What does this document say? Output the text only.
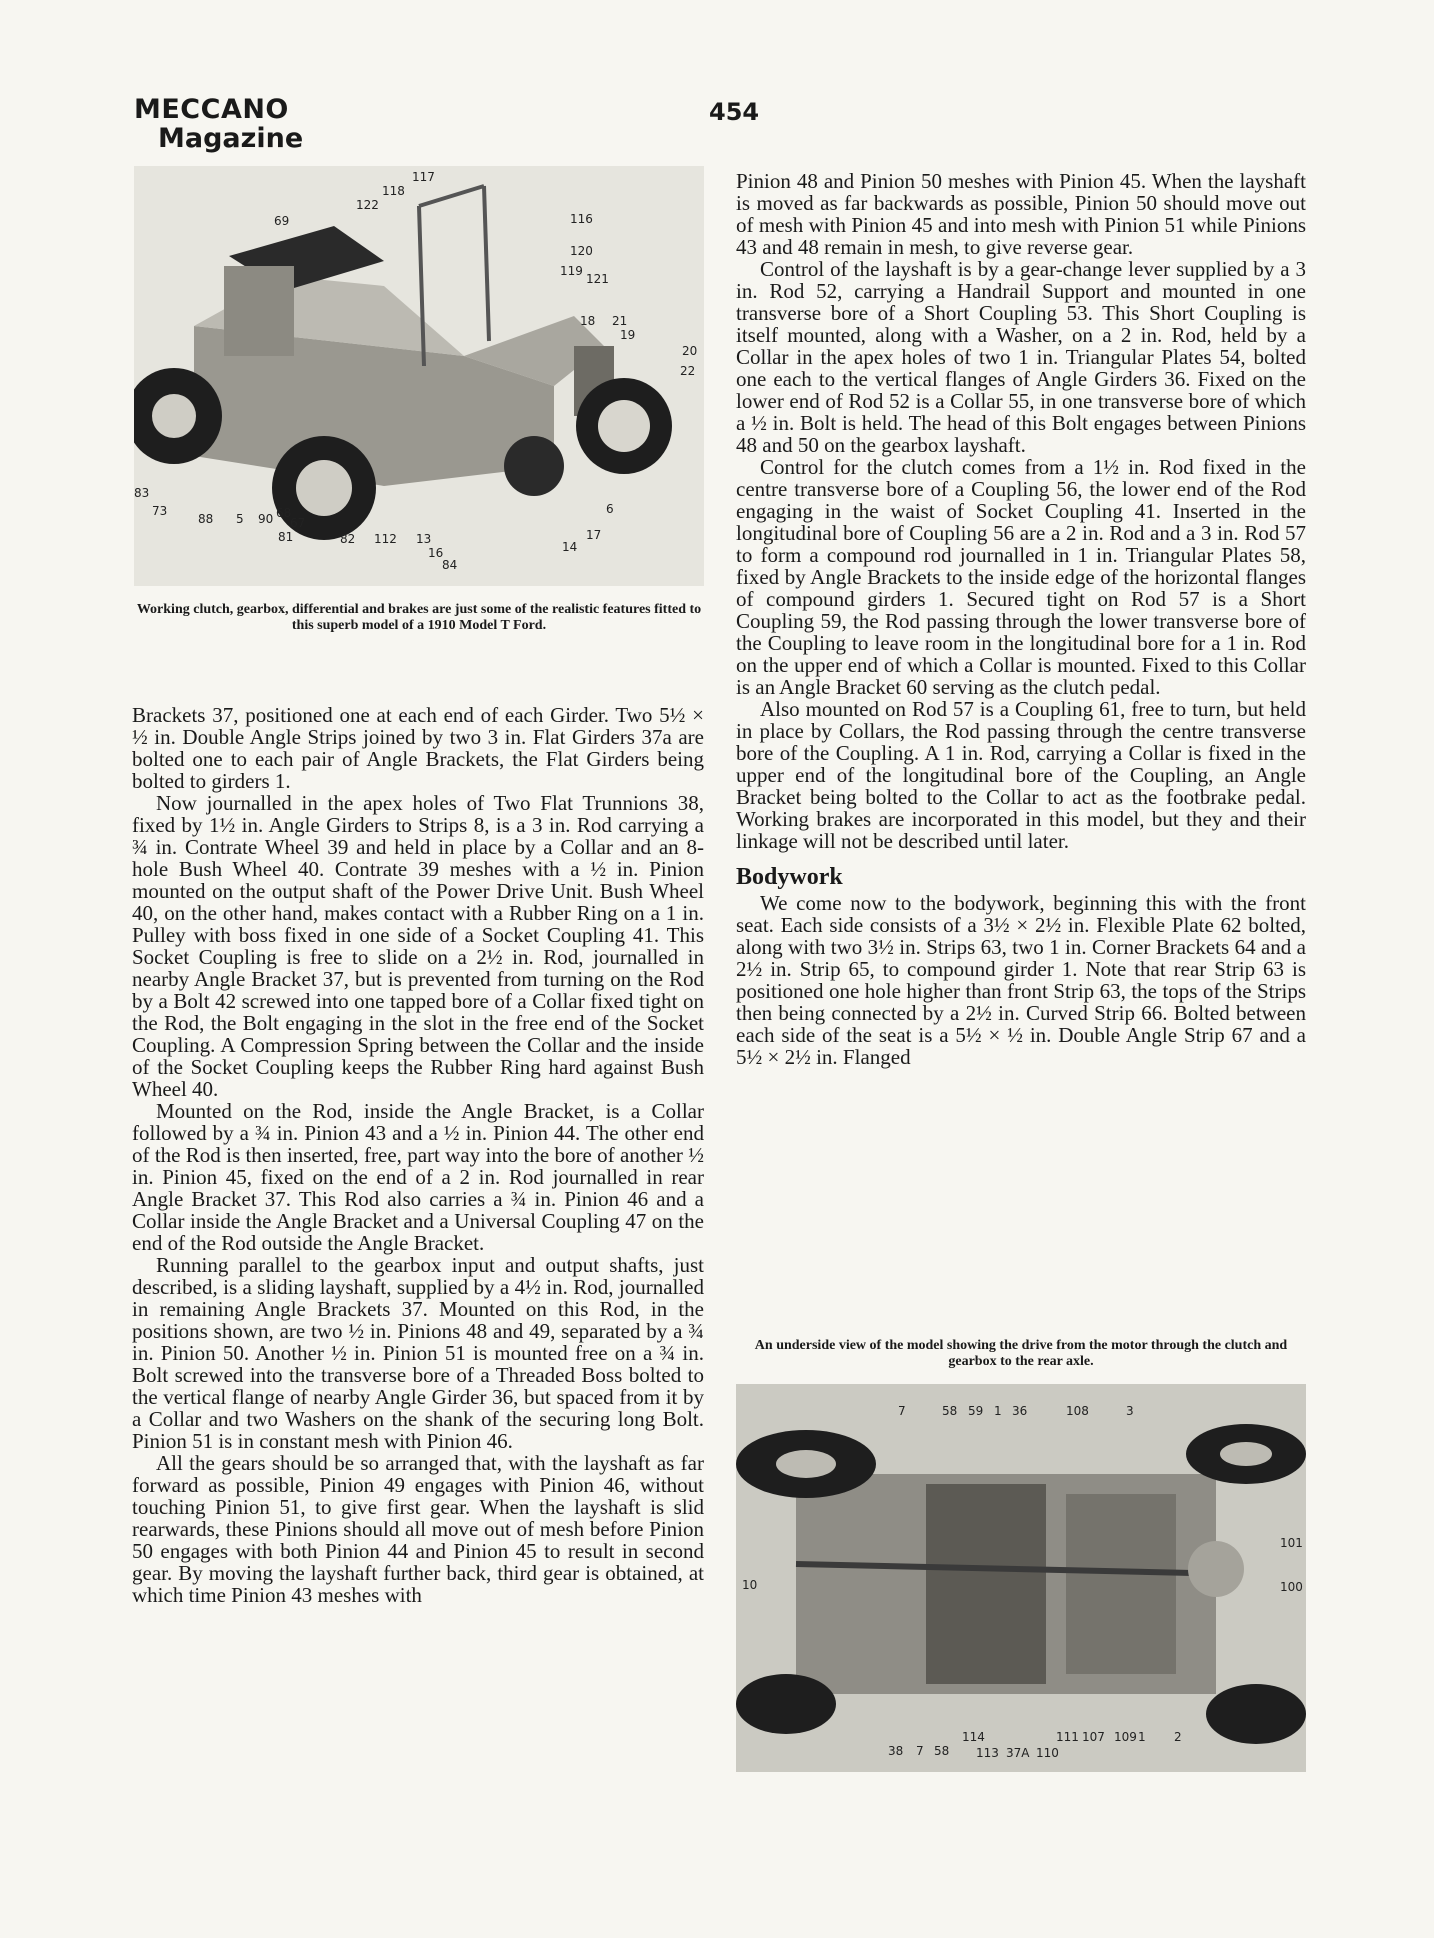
MECCANO
Magazine
454
117
118
122
69	116
120
119
121
18 21
19
20
22
83
73
88 5 90 68
67
81	82 112 13
16
84
14
17
6
Working clutch, gearbox, differential and brakes are just some of the realistic features fitted to this superb model of a 1910 Model T Ford.

Brackets 37, positioned one at each end of each Girder. Two 5½ × ½ in. Double Angle Strips joined by two 3 in. Flat Girders 37a are bolted one to each pair of Angle Brackets, the Flat Girders being bolted to girders 1.

Now journalled in the apex holes of Two Flat Trunnions 38, fixed by 1½ in. Angle Girders to Strips 8, is a 3 in. Rod carrying a ¾ in. Contrate Wheel 39 and held in place by a Collar and an 8-hole Bush Wheel 40. Contrate 39 meshes with a ½ in. Pinion mounted on the output shaft of the Power Drive Unit. Bush Wheel 40, on the other hand, makes contact with a Rubber Ring on a 1 in. Pulley with boss fixed in one side of a Socket Coupling 41. This Socket Coupling is free to slide on a 2½ in. Rod, journalled in nearby Angle Bracket 37, but is prevented from turning on the Rod by a Bolt 42 screwed into one tapped bore of a Collar fixed tight on the Rod, the Bolt engaging in the slot in the free end of the Socket Coupling. A Compression Spring between the Collar and the inside of the Socket Coupling keeps the Rubber Ring hard against Bush Wheel 40.

Mounted on the Rod, inside the Angle Bracket, is a Collar followed by a ¾ in. Pinion 43 and a ½ in. Pinion 44. The other end of the Rod is then inserted, free, part way into the bore of another ½ in. Pinion 45, fixed on the end of a 2 in. Rod journalled in rear Angle Bracket 37. This Rod also carries a ¾ in. Pinion 46 and a Collar inside the Angle Bracket and a Universal Coupling 47 on the end of the Rod outside the Angle Bracket.

Running parallel to the gearbox input and output shafts, just described, is a sliding layshaft, supplied by a 4½ in. Rod, journalled in remaining Angle Brackets 37. Mounted on this Rod, in the positions shown, are two ½ in. Pinions 48 and 49, separated by a ¾ in. Pinion 50. Another ½ in. Pinion 51 is mounted free on a ¾ in. Bolt screwed into the transverse bore of a Threaded Boss bolted to the vertical flange of nearby Angle Girder 36, but spaced from it by a Collar and two Washers on the shank of the securing long Bolt. Pinion 51 is in constant mesh with Pinion 46.

All the gears should be so arranged that, with the layshaft as far forward as possible, Pinion 49 engages with Pinion 46, without touching Pinion 51, to give first gear. When the layshaft is slid rearwards, these Pinions should all move out of mesh before Pinion 50 engages with both Pinion 44 and Pinion 45 to result in second gear. By moving the layshaft further back, third gear is obtained, at which time Pinion 43 meshes with

Pinion 48 and Pinion 50 meshes with Pinion 45. When the layshaft is moved as far backwards as possible, Pinion 50 should move out of mesh with Pinion 45 and into mesh with Pinion 51 while Pinions 43 and 48 remain in mesh, to give reverse gear.

Control of the layshaft is by a gear-change lever supplied by a 3 in. Rod 52, carrying a Handrail Support and mounted in one transverse bore of a Short Coupling 53. This Short Coupling is itself mounted, along with a Washer, on a 2 in. Rod, held by a Collar in the apex holes of two 1 in. Triangular Plates 54, bolted one each to the vertical flanges of Angle Girders 36. Fixed on the lower end of Rod 52 is a Collar 55, in one transverse bore of which a ½ in. Bolt is held. The head of this Bolt engages between Pinions 48 and 50 on the gearbox layshaft.

Control for the clutch comes from a 1½ in. Rod fixed in the centre transverse bore of a Coupling 56, the lower end of the Rod engaging in the waist of Socket Coupling 41. Inserted in the longitudinal bore of Coupling 56 are a 2 in. Rod and a 3 in. Rod 57 to form a compound rod journalled in 1 in. Triangular Plates 58, fixed by Angle Brackets to the inside edge of the horizontal flanges of compound girders 1. Secured tight on Rod 57 is a Short Coupling 59, the Rod passing through the lower transverse bore of the Coupling to leave room in the longitudinal bore for a 1 in. Rod on the upper end of which a Collar is mounted. Fixed to this Collar is an Angle Bracket 60 serving as the clutch pedal.

Also mounted on Rod 57 is a Coupling 61, free to turn, but held in place by Collars, the Rod passing through the centre transverse bore of the Coupling. A 1 in. Rod, carrying a Collar is fixed in the upper end of the longitudinal bore of the Coupling, an Angle Bracket being bolted to the Collar to act as the footbrake pedal. Working brakes are incorporated in this model, but they and their linkage will not be described until later.

Bodywork

We come now to the bodywork, beginning this with the front seat. Each side consists of a 3½ × 2½ in. Flexible Plate 62 bolted, along with two 3½ in. Strips 63, two 1 in. Corner Brackets 64 and a 2½ in. Strip 65, to compound girder 1. Note that rear Strip 63 is positioned one hole higher than front Strip 63, the tops of the Strips then being connected by a 2½ in. Curved Strip 66. Bolted between each side of the seat is a 5½ × ½ in. Double Angle Strip 67 and a 5½ × 2½ in. Flanged

An underside view of the model showing the drive from the motor through the clutch and gearbox to the rear axle.
7	58 59 1 36	108	3
101
10	100
114	111 107 109 1 2
38 7 58 113 37A 110
